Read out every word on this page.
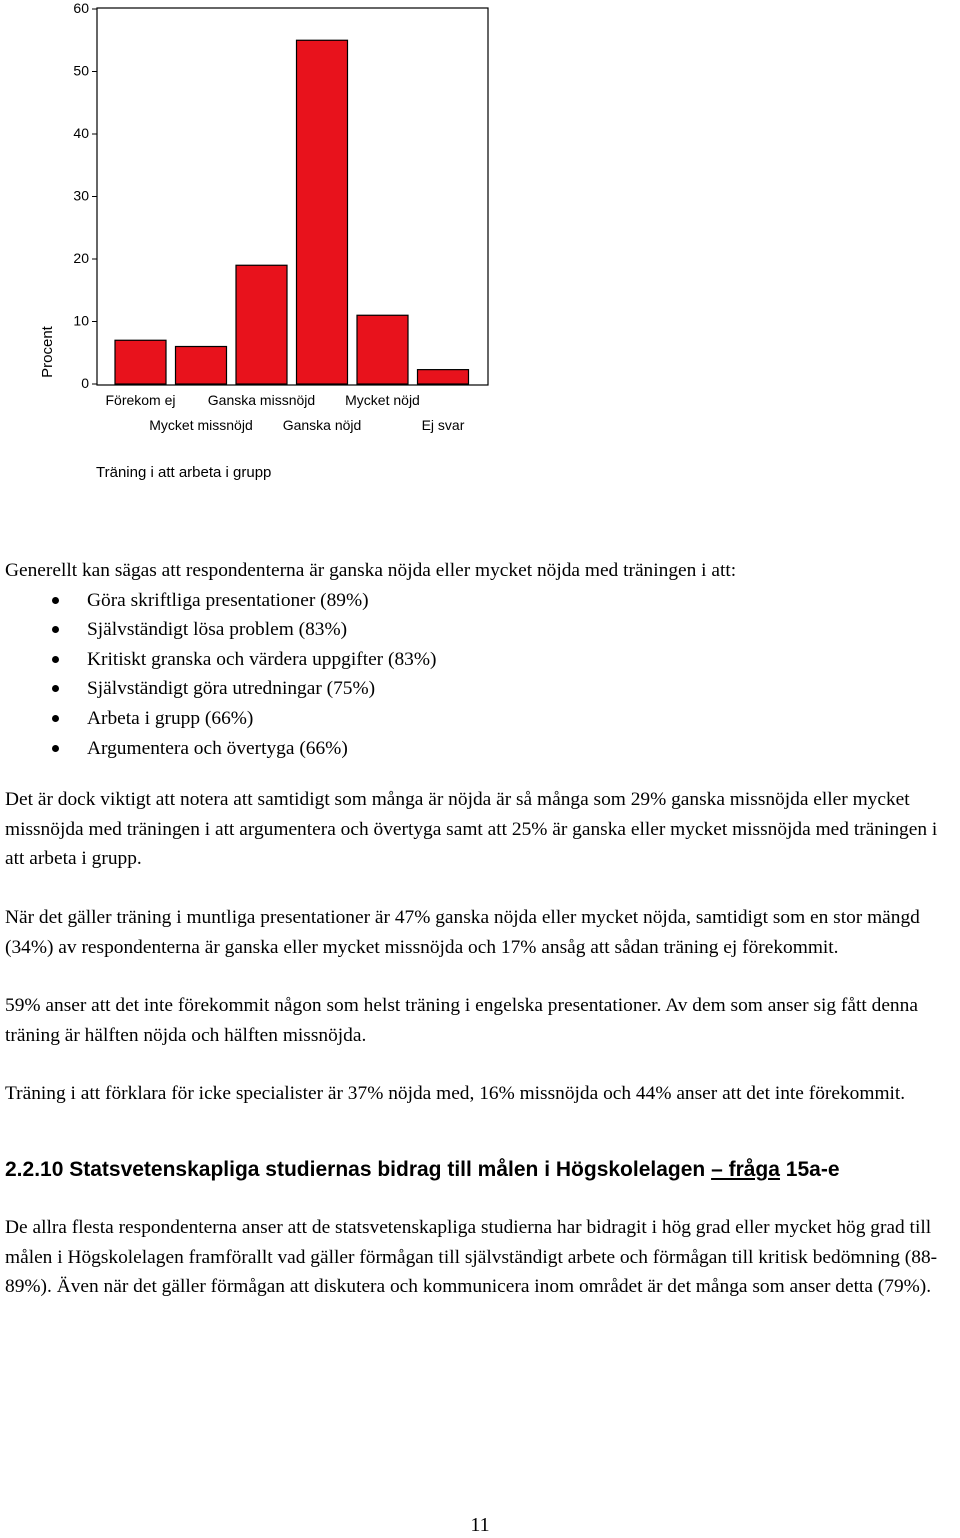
0
10
20
30
40
50
60
Förekom ej
Mycket missnöjd
Ganska missnöjd
Ganska nöjd
Mycket nöjd
Ej svar
Procent
Träning i att arbeta i grupp

Generellt kan sägas att respondenterna är ganska nöjda eller mycket nöjda med träningen i att:

Göra skriftliga presentationer (89%)
Självständigt lösa problem (83%)
Kritiskt granska och värdera uppgifter (83%)
Självständigt göra utredningar (75%)
Arbeta i grupp (66%)
Argumentera och övertyga (66%)

Det är dock viktigt att notera att samtidigt som många är nöjda är så många som 29% ganska missnöjda eller mycket missnöjda med träningen i att argumentera och övertyga samt att 25% är ganska eller mycket missnöjda med träningen i att arbeta i grupp.

När det gäller träning i muntliga presentationer är 47% ganska nöjda eller mycket nöjda, samtidigt som en stor mängd (34%) av respondenterna är ganska eller mycket missnöjda och 17% ansåg att sådan träning ej förekommit.

59% anser att det inte förekommit någon som helst träning i engelska presentationer. Av dem som anser sig fått denna träning är hälften nöjda och hälften missnöjda.

Träning i att förklara för icke specialister är 37% nöjda med, 16% missnöjda och 44% anser att det inte förekommit.

2.2.10 Statsvetenskapliga studiernas bidrag till målen i Högskolelagen – fråga 15a-e

De allra flesta respondenterna anser att de statsvetenskapliga studierna har bidragit i hög grad eller mycket hög grad till målen i Högskolelagen framförallt vad gäller förmågan till självständigt arbete och förmågan till kritisk bedömning (88-89%). Även när det gäller förmågan att diskutera och kommunicera inom området är det många som anser detta (79%).

11
